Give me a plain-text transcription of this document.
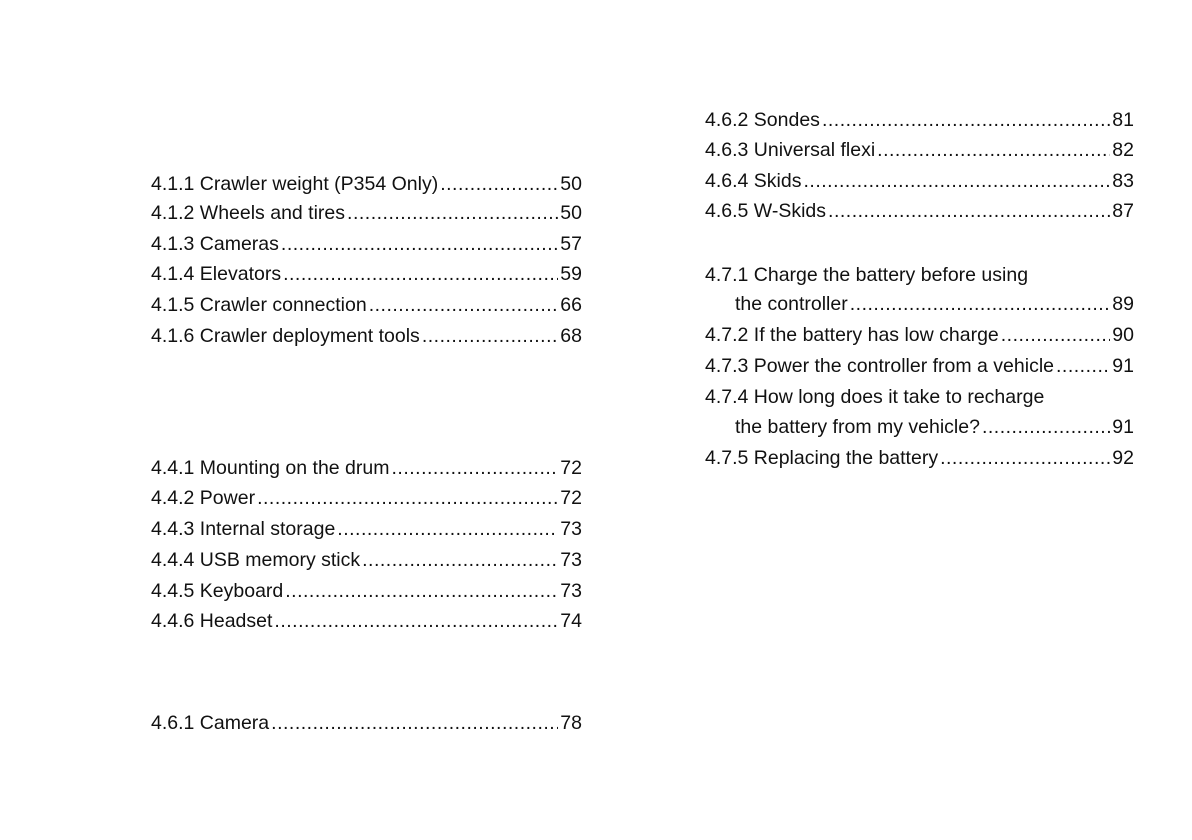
4.1.1 Crawler weight (P354 Only) .....	50
4.1.2 Wheels and tires .....	50
4.1.3 Cameras .....	57
4.1.4 Elevators .....	59
4.1.5 Crawler connection .....	66
4.1.6 Crawler deployment tools .....	68
4.4.1 Mounting on the drum .....	72
4.4.2 Power .....	72
4.4.3 Internal storage .....	73
4.4.4 USB memory stick .....	73
4.4.5 Keyboard .....	73
4.4.6 Headset .....	74
4.6.1 Camera .....	78
4.6.2 Sondes .....	81
4.6.3 Universal flexi .....	82
4.6.4 Skids .....	83
4.6.5 W-Skids .....	87
4.7.1 Charge the battery before using
the controller .....	89
4.7.2 If the battery has low charge .....	90
4.7.3 Power the controller from a vehicle .....	91
4.7.4 How long does it take to recharge
the battery from my vehicle? .....	91
4.7.5 Replacing the battery .....	92
